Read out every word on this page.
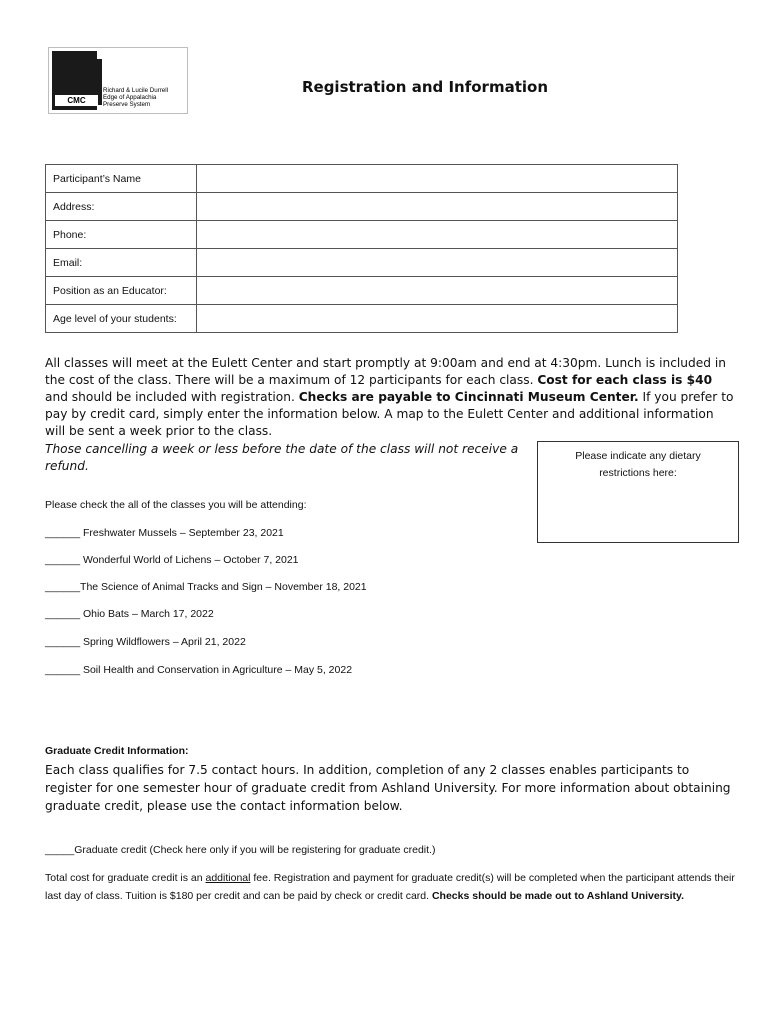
CMC
Richard & Lucile Durrell
Edge of Appalachia
Preserve System
Registration and Information
Participant’s Name	
Address:	
Phone:	
Email:	
Position as an Educator:	
Age level of your students:	
All classes will meet at the Eulett Center and start promptly at 9:00am and end at 4:30pm. Lunch is included in the cost of the class. There will be a maximum of 12 participants for each class. Cost for each class is $40 and should be included with registration. Checks are payable to Cincinnati Museum Center. If you prefer to pay by credit card, simply enter the information below. A map to the Eulett Center and additional information will be sent a week prior to the class.
Those cancelling a week or less before the date of the class will not receive a refund.
Please indicate any dietary restrictions here:
Please check the all of the classes you will be attending:
______ Freshwater Mussels – September 23, 2021
______ Wonderful World of Lichens – October 7, 2021
______The Science of Animal Tracks and Sign – November 18, 2021
______ Ohio Bats – March 17, 2022
______ Spring Wildflowers – April 21, 2022
______ Soil Health and Conservation in Agriculture – May 5, 2022
Graduate Credit Information:
Each class qualifies for 7.5 contact hours. In addition, completion of any 2 classes enables participants to register for one semester hour of graduate credit from Ashland University. For more information about obtaining graduate credit, please use the contact information below.
_____Graduate credit (Check here only if you will be registering for graduate credit.)
Total cost for graduate credit is an additional fee. Registration and payment for graduate credit(s) will be completed when the participant attends their last day of class. Tuition is $180 per credit and can be paid by check or credit card. Checks should be made out to Ashland University.
